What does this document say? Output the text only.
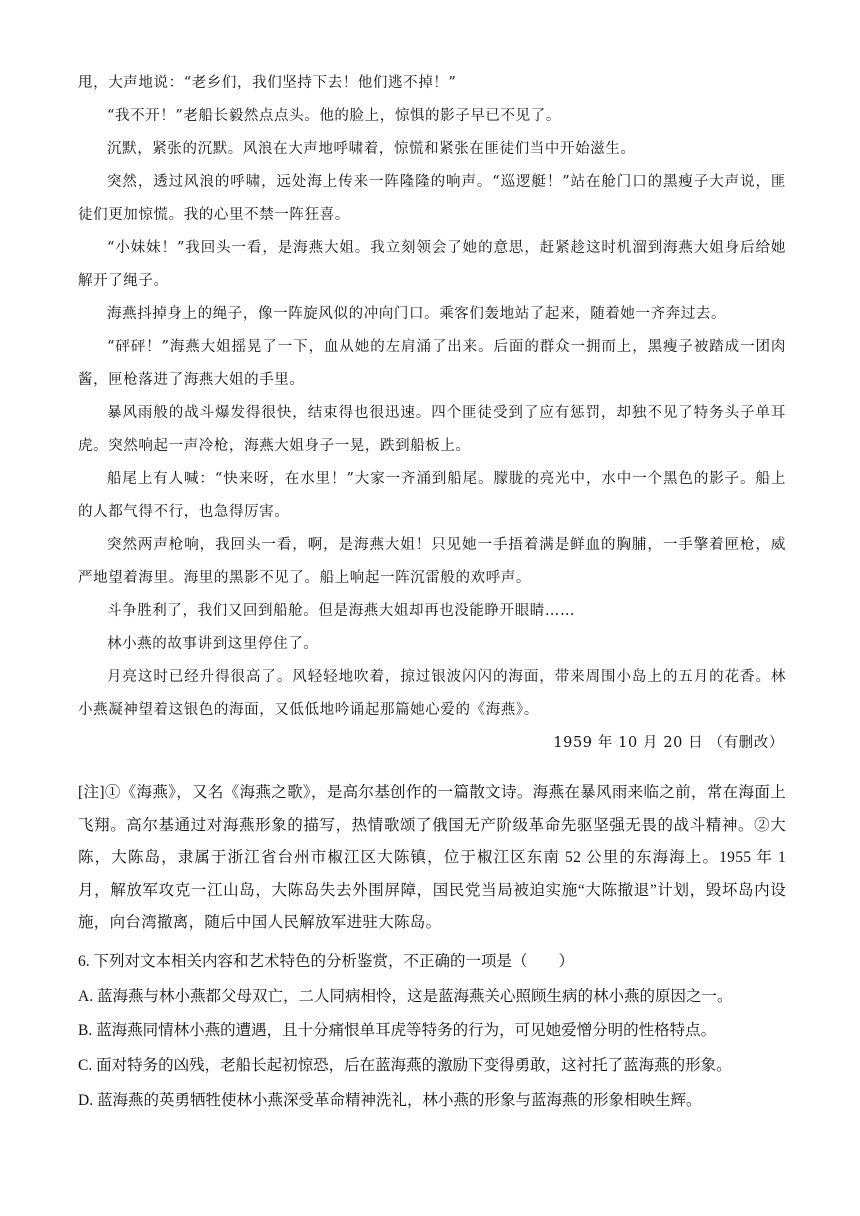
甩，大声地说：“老乡们，我们坚持下去！他们逃不掉！”

“我不开！”老船长毅然点点头。他的脸上，惊惧的影子早已不见了。

沉默，紧张的沉默。风浪在大声地呼啸着，惊慌和紧张在匪徒们当中开始滋生。

突然，透过风浪的呼啸，远处海上传来一阵隆隆的响声。“巡逻艇！”站在舱门口的黑瘦子大声说，匪徒们更加惊慌。我的心里不禁一阵狂喜。

“小妹妹！”我回头一看，是海燕大姐。我立刻领会了她的意思，赶紧趁这时机溜到海燕大姐身后给她解开了绳子。

海燕抖掉身上的绳子，像一阵旋风似的冲向门口。乘客们轰地站了起来，随着她一齐奔过去。

“砰砰！”海燕大姐摇晃了一下，血从她的左肩涌了出来。后面的群众一拥而上，黑瘦子被踏成一团肉酱，匣枪落进了海燕大姐的手里。

暴风雨般的战斗爆发得很快，结束得也很迅速。四个匪徒受到了应有惩罚，却独不见了特务头子单耳虎。突然响起一声冷枪，海燕大姐身子一晃，跌到船板上。

船尾上有人喊：“快来呀，在水里！”大家一齐涌到船尾。朦胧的亮光中，水中一个黑色的影子。船上的人都气得不行，也急得厉害。

突然两声枪响，我回头一看，啊，是海燕大姐！只见她一手捂着满是鲜血的胸脯，一手擎着匣枪，威严地望着海里。海里的黑影不见了。船上响起一阵沉雷般的欢呼声。

斗争胜利了，我们又回到船舱。但是海燕大姐却再也没能睁开眼睛……

林小燕的故事讲到这里停住了。

月亮这时已经升得很高了。风轻轻地吹着，掠过银波闪闪的海面，带来周围小岛上的五月的花香。林小燕凝神望着这银色的海面，又低低地吟诵起那篇她心爱的《海燕》。

1959 年 10 月 20 日 （有删改）

[注]①《海燕》，又名《海燕之歌》，是高尔基创作的一篇散文诗。海燕在暴风雨来临之前，常在海面上飞翔。高尔基通过对海燕形象的描写，热情歌颂了俄国无产阶级革命先驱坚强无畏的战斗精神。②大陈，大陈岛，隶属于浙江省台州市椒江区大陈镇，位于椒江区东南 52 公里的东海海上。1955 年 1 月，解放军攻克一江山岛，大陈岛失去外围屏障，国民党当局被迫实施“大陈撤退”计划，毁坏岛内设施，向台湾撤离，随后中国人民解放军进驻大陈岛。

6. 下列对文本相关内容和艺术特色的分析鉴赏，不正确的一项是（　　）
A. 蓝海燕与林小燕都父母双亡，二人同病相怜，这是蓝海燕关心照顾生病的林小燕的原因之一。
B. 蓝海燕同情林小燕的遭遇，且十分痛恨单耳虎等特务的行为，可见她爱憎分明的性格特点。
C. 面对特务的凶残，老船长起初惊恐，后在蓝海燕的激励下变得勇敢，这衬托了蓝海燕的形象。
D. 蓝海燕的英勇牺牲使林小燕深受革命精神洗礼，林小燕的形象与蓝海燕的形象相映生辉。
